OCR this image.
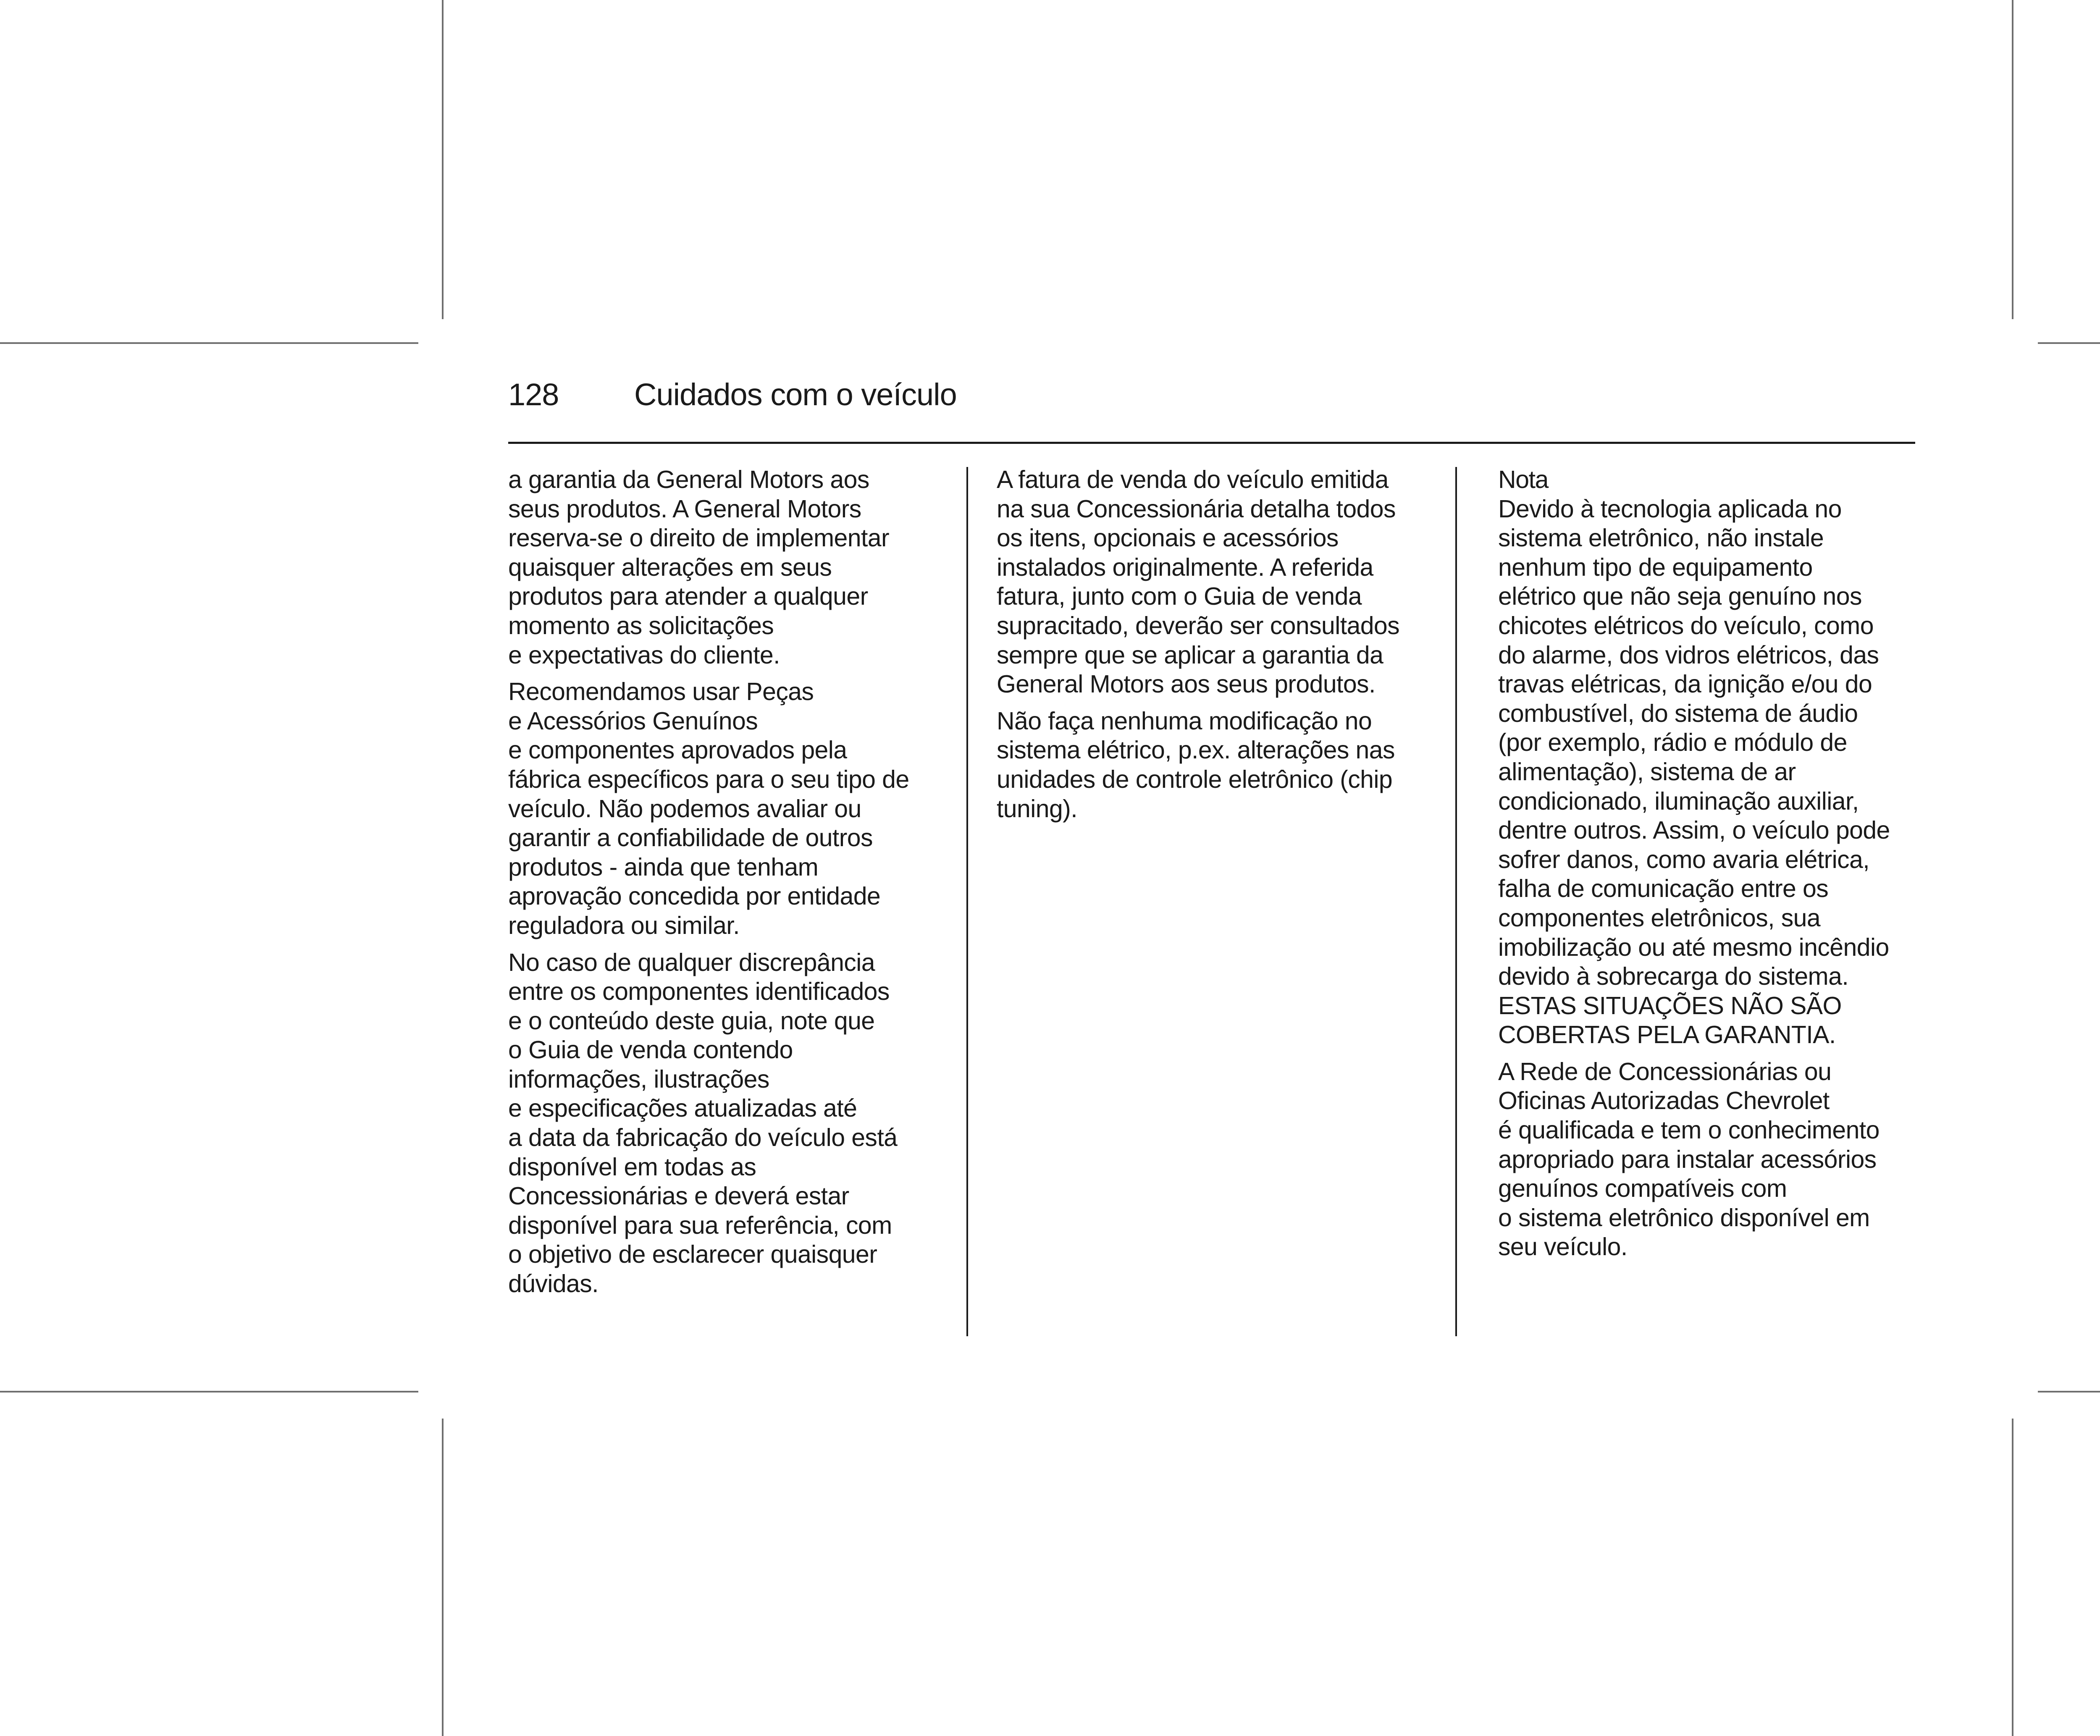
128 Cuidados com o veículo

a garantia da General Motors aos
seus produtos. A General Motors
reserva-se o direito de implementar
quaisquer alterações em seus
produtos para atender a qualquer
momento as solicitações
e expectativas do cliente.

Recomendamos usar Peças
e Acessórios Genuínos
e componentes aprovados pela
fábrica específicos para o seu tipo de
veículo. Não podemos avaliar ou
garantir a confiabilidade de outros
produtos - ainda que tenham
aprovação concedida por entidade
reguladora ou similar.

No caso de qualquer discrepância
entre os componentes identificados
e o conteúdo deste guia, note que
o Guia de venda contendo
informações, ilustrações
e especificações atualizadas até
a data da fabricação do veículo está
disponível em todas as
Concessionárias e deverá estar
disponível para sua referência, com
o objetivo de esclarecer quaisquer
dúvidas.

A fatura de venda do veículo emitida
na sua Concessionária detalha todos
os itens, opcionais e acessórios
instalados originalmente. A referida
fatura, junto com o Guia de venda
supracitado, deverão ser consultados
sempre que se aplicar a garantia da
General Motors aos seus produtos.

Não faça nenhuma modificação no
sistema elétrico, p.ex. alterações nas
unidades de controle eletrônico (chip
tuning).

Nota

Devido à tecnologia aplicada no
sistema eletrônico, não instale
nenhum tipo de equipamento
elétrico que não seja genuíno nos
chicotes elétricos do veículo, como
do alarme, dos vidros elétricos, das
travas elétricas, da ignição e/ou do
combustível, do sistema de áudio
(por exemplo, rádio e módulo de
alimentação), sistema de ar
condicionado, iluminação auxiliar,
dentre outros. Assim, o veículo pode
sofrer danos, como avaria elétrica,
falha de comunicação entre os
componentes eletrônicos, sua
imobilização ou até mesmo incêndio
devido à sobrecarga do sistema.
ESTAS SITUAÇÕES NÃO SÃO
COBERTAS PELA GARANTIA.

A Rede de Concessionárias ou
Oficinas Autorizadas Chevrolet
é qualificada e tem o conhecimento
apropriado para instalar acessórios
genuínos compatíveis com
o sistema eletrônico disponível em
seu veículo.
